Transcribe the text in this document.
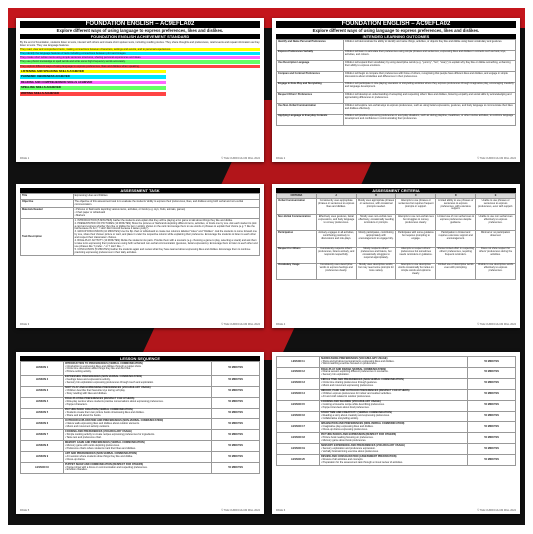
FOUNDATION ENGLISH – AC9EFLA02
Explore different ways of using language to express preferences, likes and dislikes.
FOUNDATION ENGLISH ACHIEVEMENT STANDARD
By the end of Foundation, students listen to texts, interact with others and create short spoken texts, including retelling stories. They share thoughts and preferences, retell events and repeat information as they listen to texts. They use language features.
They read, view and comprehend texts, making connections between characters, settings and events, and to personal experiences.
They identify the language features of texts including connections between print and images.
They create short written texts using simple sentence structures, sharing personal experiences and ideas.
They use phonic knowledge to spell words and write some high-frequency words accurately.
They explore different ways of using language to express preferences, likes and dislikes when speaking.
LISTENING AND SPEAKING SKILLS ACHIEVED
PHONEMIC AWARENESS ACHIEVED
READING AND COMPREHENSION SKILLS ACHIEVED
SPELLING SKILLS ACHIEVED
WRITING SKILLS ACHIEVED
PAGE 1	© THE CURRICULUM MILL 2024
FOUNDATION ENGLISH – AC9EFLA02
Explore different ways of using language to express preferences, likes and dislikes.
INTENDED LEARNING OUTCOMES
Identify and Name Personal Preferences	Children will demonstrate the ability to identify and name things, activities, or objects they like and dislike using basic vocabulary and gestures.
Express Preferences Verbally	Children will learn to articulate their preferences using simple phrases and sentences, expressing likes and dislikes in contexts such as food, toys, activities, and colours.
Use Descriptive Language	Children will expand their vocabulary by using descriptive words (e.g. "yummy", "fun", "scary") to explain why they like or dislike something, enhancing their ability to express emotions.
Compare and Contrast Preferences	Children will begin to compare their preferences with those of others, recognising that people have different likes and dislikes, and engage in simple discussions about similarities and differences in their preferences.
Engage in Role-Play and Storytelling	Children will participate in role-playing scenarios or storytelling activities where they express preferences through imaginative play, encouraging creativity and language development.
Respect Others' Preferences	Children will develop an understanding of accepting and respecting others' likes and dislikes, fostering empathy and social skills by acknowledging and appreciating differences in preferences.
Use Non-Verbal Communication	Children will explore non-verbal ways to express preferences, such as using facial expressions, gestures, and body language to communicate their likes and dislikes effectively.
Applying Language in Everyday Contexts	Children will practise expressing preferences in everyday situations, such as during playtime, mealtimes, or other routine activities, to reinforce language development and confidence in communicating their preferences.
PAGE 2	© THE CURRICULUM MILL 2024
ASSESSMENT TASK
Title	Expressing Likes and Dislikes
Objective	The objective of this assessment task is to evaluate the students' ability to express their preferences, likes, and dislikes using both verbal and non-verbal communication.
Materials Needed	• Pictures or flashcards depicting various items, activities, or foods (e.g. toys, fruits, animals, games)
• Chart paper or whiteboard
• Markers
Task Description	1. INTRODUCTION (5 MINUTES) Gather the students and explain that they will be playing a fun game to talk about things they like and dislike.
2. PRESENTATION OF PICTURES (10 MINUTES) Show the pictures or flashcards depicting different items, activities, or foods one by one. Ask each student to pick a card and express whether they like or dislike the item / activity shown on the card. Encourage them to use words or phrases to explain their choice (e.g. "I like the ball because it's fun", "I don't like broccoli because it tastes yucky").
3. GROUP DISCUSSION (10 MINUTES) Use the flip chart or whiteboard to create two columns labelled "Likes" and "Dislikes". Ask the students to come forward one by one, share their chosen picture or card, and place it under the respective column while explaining their preference. Encourage the students to listen to each other and respect their classmates' choices.
4. ROLE-PLAY ACTIVITY (10 MINUTES) Divide the students into pairs. Provide them with a scenario (e.g. choosing a game to play, selecting a snack) and ask them to take turns expressing their preferences using both verbal and non-verbal communication (gestures, facial expressions). Encourage them to listen to each other and use phrases like "I prefer..." or "I don't like...".
5. CONCLUSION (5 MINUTES) Gather the students again and review what they have learned about expressing likes and dislikes. Encourage them to continue practicing expressing preferences in their daily activities.
PAGE 3	© THE CURRICULUM MILL 2024
ASSESSMENT CRITERIA
CRITERIA	A	B	C	D	E
Verbal Communication	Consistently uses appropriate phrases or sentences to express likes and dislikes.	Mostly uses appropriate phrases or sentences, with occasional prompts needed.	Attempts to use phrases or sentences but requires frequent prompts or support.	Limited ability to use phrases or sentences to express preferences, with extensive support.	Unable to use phrases or sentences to express preferences, even with support.
Non-Verbal Communication	Effectively uses gestures, facial expressions, and body language to convey preferences.	Mostly uses non-verbal cues effectively, occasionally needing reminders or prompts.	Attempts to use non-verbal cues but struggles to convey preferences clearly.	Limited use of non-verbal cues to express preferences despite guidance.	Unable to use non-verbal cues effectively to express preferences.
Participation	Actively engages in all activities, contributing positively to discussions and role-plays.	Mostly participates, contributing appropriately with encouragement to engage fully.	Participates with some guidance but requires prompting to engage.	Participation is limited and requires extensive support and encouragement.	Minimal or no participation observed.
Respect for Others	Consistently respects others' preferences, listens actively, and responds respectfully.	Mostly respects others' preferences and listens, but occasionally struggles to respond appropriately.	Attempts to respect others' preferences but sometimes needs reminders or guidance.	Shows limited effort in respecting others' preferences, requiring frequent reminders.	Does not show respect for others' preferences during the activities.
Vocabulary Usage	Consistently uses descriptive words to express feelings and preferences clearly.	Mostly uses descriptive words, but may need some prompts for more variety.	Attempts to use descriptive words occasionally but relies on simple words and opinions clearly.	Limited use of descriptive words even with prompting.	Unable to use descriptive words effectively to express preferences.
PAGE 4	© THE CURRICULUM MILL 2024
LESSON SEQUENCE
LESSON 1	INTRODUCTION TO PREFERENCES (VERBAL COMMUNICATION)
• Introduction to expressing likes and dislikes through a puppet show.
• Circle time discussion about things they like and don't like.
• Picture-sorting activity.	50 MINUTES
LESSON 2	EXPRESSING PREFERENCES (NON-VERBAL COMMUNICATION)
• Feelings faces and expressions activity.
• Sensory bin exploration expressing preferences through touch and exploration.	50 MINUTES
LESSON 3	SOFT PLAY AND EXPRESSING PREFERENCES (VOCABULARY USAGE)
• Children describe their favourite toys during soft play.
• Story retelling with likes and dislikes.	50 MINUTES
LESSON 4	ROLE-PLAYING PREFERENCES (RESPECT FOR OTHERS)
• Role-play centres where students practise conversations about expressing preferences.
• Puppet characters.	50 MINUTES
LESSON 5	PICTURE BOOK CREATION (VERBAL COMMUNICATION)
• Students create their own picture books showcasing likes and dislikes.
• Share and tell about the books.	50 MINUTES
LESSON 6	OUTDOOR EXPLORATION AND PREFERENCES (NON-VERBAL COMMUNICATION)
• Nature walk expressing likes and dislikes about outdoor elements.
• Music and movement activity outdoors.	50 MINUTES
LESSON 7	COOKING AND PREFERENCES (VOCABULARY USAGE)
• Simple cooking activity to create recipes expressing preferences for ingredients.
• Taste test and preference chart.	50 MINUTES
LESSON 8	MEMORY GAME AND PREFERENCES (VERBAL COMMUNICATION)
• Memory game with cards depicting preferences.
• Preference charts where students mark their likes and dislikes.	50 MINUTES
LESSON 9	ART AND PREFERENCES (NON-VERBAL COMMUNICATION)
• Art session where students draw things they like and dislike.
• Dress-up drama.	50 MINUTES
LESSON 10	PUPPET SHOW AND COMMUNICATION (RESPECT FOR OTHERS)
• Puppet show with a focus on communication and respecting preferences.
• Emotion charades.	50 MINUTES
PAGE 5	© THE CURRICULUM MILL 2024
LESSON 11	SHOWCASING PREFERENCES (VOCABULARY USAGE)
• Show and tell about personal items expressing likes and dislikes.
• Word-matching exercise focused on preferences.	50 MINUTES
LESSON 12	ROLE-PLAY AND DRAMA (VERBAL COMMUNICATION)
• Drama session exploring different preferences in scenarios.
• Sensory bin exploration.	50 MINUTES
LESSON 13	CIRCLE TIME AND PREFERENCES (NON-VERBAL COMMUNICATION)
• Circle time sharing preferences through gestures.
• Music and movement expressing preferences.	50 MINUTES
LESSON 14	INDOOR, PARK AND OUTDOOR PREFERENCES (RESPECT FOR OTHERS)
• Children express preferences for indoor and outdoor activities.
• Art and craft related to outdoor preferences.	50 MINUTES
LESSON 15	COOKING AND SHARING (VOCABULARY USAGE)
• Cooking a favourite recipe while describing preferences.
• Puppet interviews about food preferences.	50 MINUTES
LESSON 16	STORYTIME AND CREATIVITY (VERBAL COMMUNICATION)
• Reading a story about creativity and expressing preferences.
• Collaborative storytelling activity.	50 MINUTES
LESSON 17	IMAGINATION AND PREFERENCES (NON-VERBAL COMMUNICATION)
• Imaginative play expressing likes and dislikes.
• Dress-up drama expressing preferences.	50 MINUTES
LESSON 18	PICTURE BOOKS AND EXPRESSION (RESPECT FOR OTHERS)
• Picture book reading focusing on preferences.
• Memory game about book preferences.	50 MINUTES
LESSON 19	SENSORY EXPERIENCE AND PREFERENCES (VOCABULARY USAGE)
• Sensory exploration and preference expression.
• Verbally brainstorming exercise about preferences.	50 MINUTES
LESSON 20	REVIEW AND CONSOLIDATION (ASSESSMENT PREPARATION)
• Review of all activities and concepts.
• Preparation for the assessment task through a mixed review of activities.	50 MINUTES
PAGE 6	© THE CURRICULUM MILL 2024
